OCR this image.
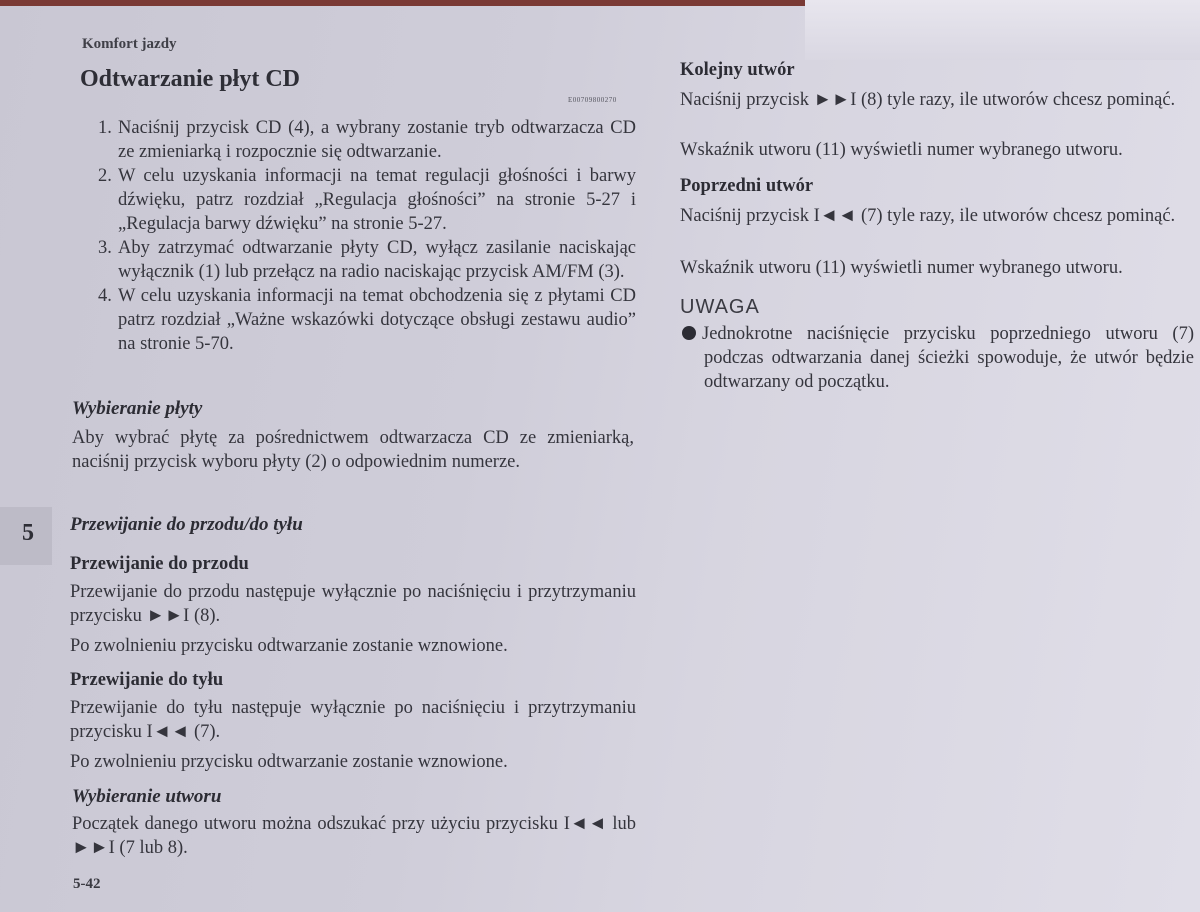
Komfort jazdy
Odtwarzanie płyt CD
E00709800270
1. Naciśnij przycisk CD (4), a wybrany zostanie tryb odtwarzacza CD ze zmieniarką i rozpocznie się odtwarzanie.
2. W celu uzyskania informacji na temat regulacji głośności i barwy dźwięku, patrz rozdział „Regulacja głośności” na stronie 5-27 i „Regulacja barwy dźwięku” na stronie 5-27.
3. Aby zatrzymać odtwarzanie płyty CD, wyłącz zasilanie naciskając wyłącznik (1) lub przełącz na radio naciskając przycisk AM/FM (3).
4. W celu uzyskania informacji na temat obchodzenia się z płytami CD patrz rozdział „Ważne wskazówki dotyczące obsługi zestawu audio” na stronie 5-70.
Wybieranie płyty
Aby wybrać płytę za pośrednictwem odtwarzacza CD ze zmieniarką, naciśnij przycisk wyboru płyty (2) o odpowiednim numerze.
5 Przewijanie do przodu/do tyłu
Przewijanie do przodu
Przewijanie do przodu następuje wyłącznie po naciśnięciu i przytrzymaniu przycisku ►►I (8).
Po zwolnieniu przycisku odtwarzanie zostanie wznowione.
Przewijanie do tyłu
Przewijanie do tyłu następuje wyłącznie po naciśnięciu i przytrzymaniu przycisku I◄◄ (7).
Po zwolnieniu przycisku odtwarzanie zostanie wznowione.
Wybieranie utworu
Początek danego utworu można odszukać przy użyciu przycisku I◄◄ lub ►►I (7 lub 8).
5-42
Kolejny utwór
Naciśnij przycisk ►►I (8) tyle razy, ile utworów chcesz pominąć.
Wskaźnik utworu (11) wyświetli numer wybranego utworu.
Poprzedni utwór
Naciśnij przycisk I◄◄ (7) tyle razy, ile utworów chcesz pominąć.
Wskaźnik utworu (11) wyświetli numer wybranego utworu.
UWAGA
Jednokrotne naciśnięcie przycisku poprzedniego utworu (7) podczas odtwarzania danej ścieżki spowoduje, że utwór będzie odtwarzany od początku.
